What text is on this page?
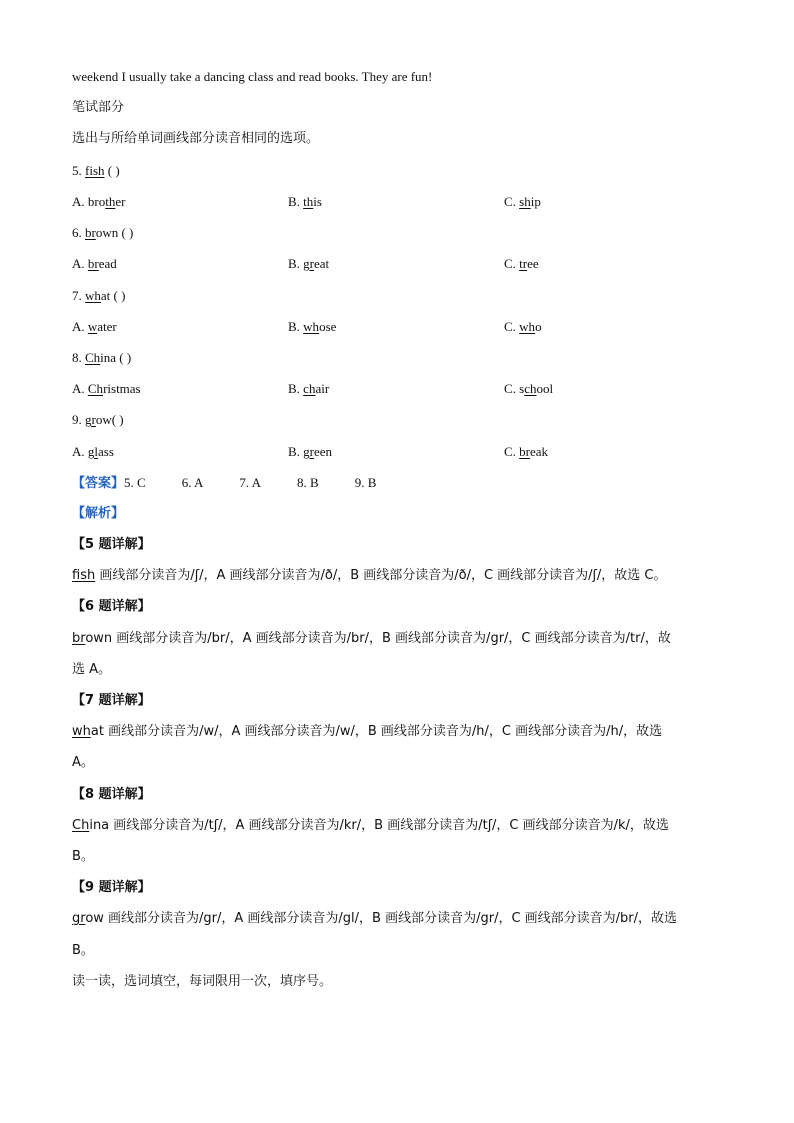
weekend I usually take a dancing class and read books. They are fun!
笔试部分
选出与所给单词画线部分读音相同的选项。
5. fish ( )
A. brother	B. this	C. ship
6. brown ( )
A. bread	B. great	C. tree
7. what ( )
A. water	B. whose	C. who
8. China ( )
A. Christmas	B. chair	C. school
9. grow( )
A. glass	B. green	C. break
【答案】5. C	6. A	7. A	8. B	9. B
【解析】
【5 题详解】
fish 画线部分读音为/ʃ/，A 画线部分读音为/ð/，B 画线部分读音为/ð/，C 画线部分读音为/ʃ/，故选 C。
【6 题详解】
brown 画线部分读音为/br/，A 画线部分读音为/br/，B 画线部分读音为/gr/，C 画线部分读音为/tr/，故
选 A。
【7 题详解】
what 画线部分读音为/w/，A 画线部分读音为/w/，B 画线部分读音为/h/，C 画线部分读音为/h/，故选
A。
【8 题详解】
China 画线部分读音为/tʃ/，A 画线部分读音为/kr/，B 画线部分读音为/tʃ/，C 画线部分读音为/k/，故选
B。
【9 题详解】
grow 画线部分读音为/gr/，A 画线部分读音为/gl/，B 画线部分读音为/gr/，C 画线部分读音为/br/，故选
B。
读一读，选词填空，每词限用一次，填序号。
